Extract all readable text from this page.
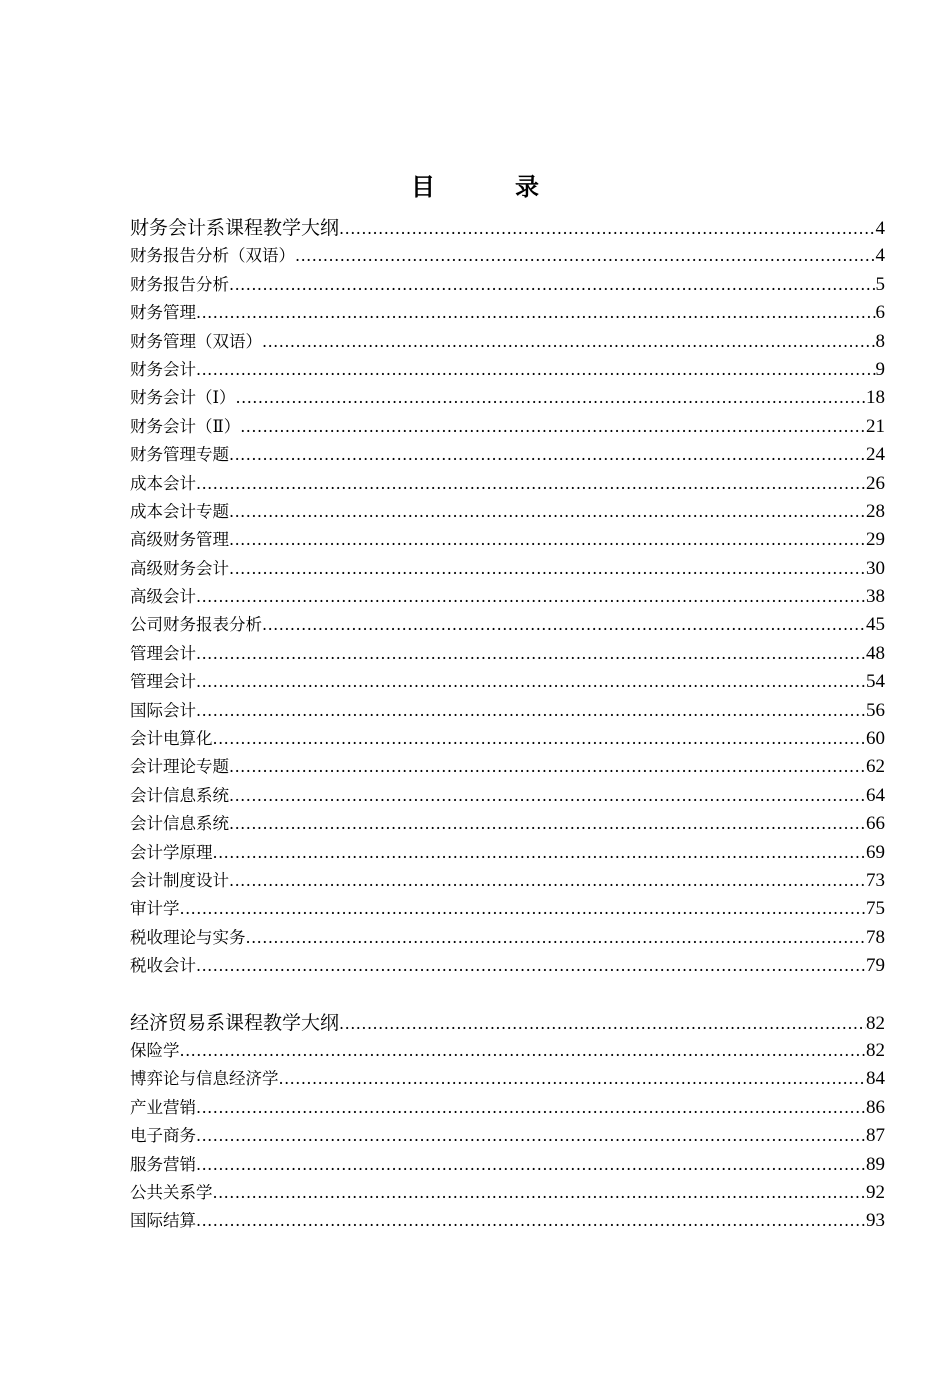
目　录
财务会计系课程教学大纲 .....	4
财务报告分析（双语） .....	4
财务报告分析 .....	5
财务管理 .....	6
财务管理（双语） .....	8
财务会计 .....	9
财务会计（Ⅰ） .....	18
财务会计（Ⅱ） .....	21
财务管理专题 .....	24
成本会计 .....	26
成本会计专题 .....	28
高级财务管理 .....	29
高级财务会计 .....	30
高级会计 .....	38
公司财务报表分析 .....	45
管理会计 .....	48
管理会计 .....	54
国际会计 .....	56
会计电算化 .....	60
会计理论专题 .....	62
会计信息系统 .....	64
会计信息系统 .....	66
会计学原理 .....	69
会计制度设计 .....	73
审计学 .....	75
税收理论与实务 .....	78
税收会计 .....	79
经济贸易系课程教学大纲 .....	82
保险学 .....	82
博弈论与信息经济学 .....	84
产业营销 .....	86
电子商务 .....	87
服务营销 .....	89
公共关系学 .....	92
国际结算 .....	93
